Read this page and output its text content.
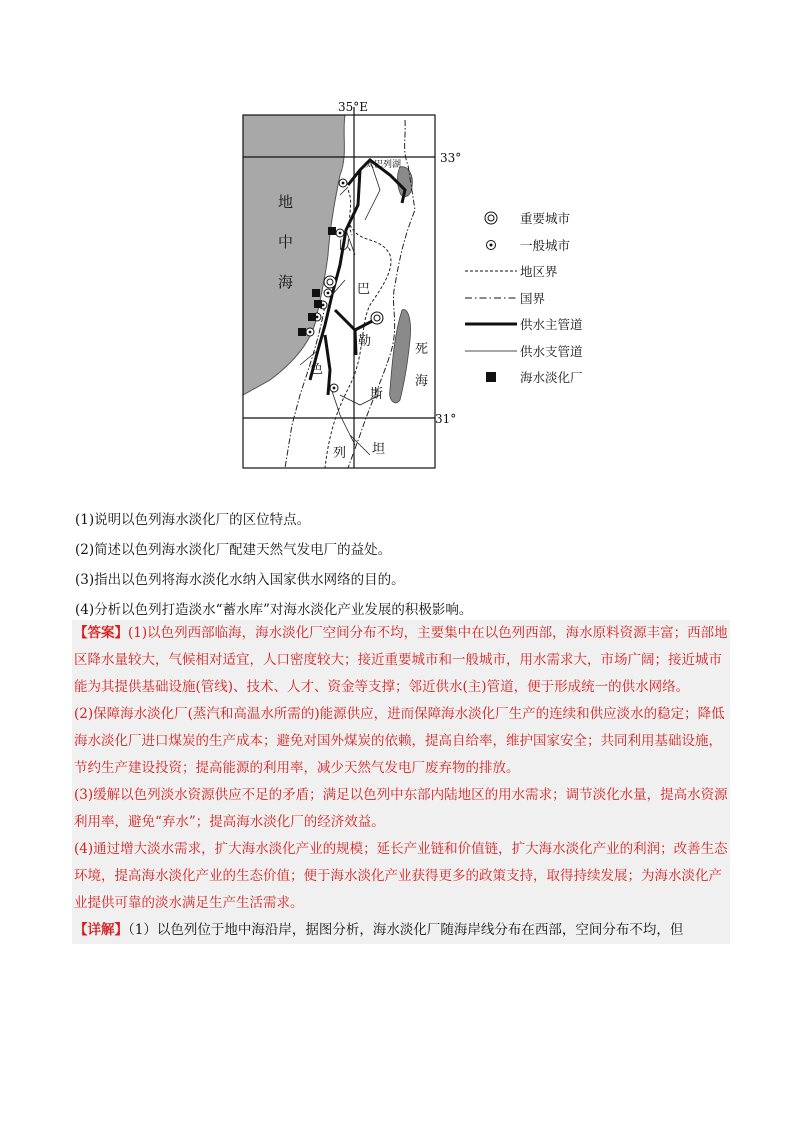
35°E
33°
31°
太巴列湖
地
中
海
以
巴
勒
色
斯
列 坦
死
海
重要城市
一般城市
地区界
国界
供水主管道
供水支管道
海水淡化厂
(1)说明以色列海水淡化厂的区位特点。
(2)简述以色列海水淡化厂配建天然气发电厂的益处。
(3)指出以色列将海水淡化水纳入国家供水网络的目的。
(4)分析以色列打造淡水“蓄水库”对海水淡化产业发展的积极影响。
【答案】(1)以色列西部临海，海水淡化厂空间分布不均，主要集中在以色列西部，海水原料资源丰富；西部地区降水量较大，气候相对适宜，人口密度较大；接近重要城市和一般城市，用水需求大，市场广阔；接近城市能为其提供基础设施(管线)、技术、人才、资金等支撑；邻近供水(主)管道，便于形成统一的供水网络。
(2)保障海水淡化厂(蒸汽和高温水所需的)能源供应，进而保障海水淡化厂生产的连续和供应淡水的稳定；降低海水淡化厂进口煤炭的生产成本；避免对国外煤炭的依赖，提高自给率，维护国家安全；共同利用基础设施，节约生产建设投资；提高能源的利用率，减少天然气发电厂废弃物的排放。
(3)缓解以色列淡水资源供应不足的矛盾；满足以色列中东部内陆地区的用水需求；调节淡化水量，提高水资源利用率，避免“弃水”；提高海水淡化厂的经济效益。
(4)通过增大淡水需求，扩大海水淡化产业的规模；延长产业链和价值链，扩大海水淡化产业的利润；改善生态环境，提高海水淡化产业的生态价值；便于海水淡化产业获得更多的政策支持，取得持续发展；为海水淡化产业提供可靠的淡水满足生产生活需求。
【详解】（1）以色列位于地中海沿岸，据图分析，海水淡化厂随海岸线分布在西部，空间分布不均，但
